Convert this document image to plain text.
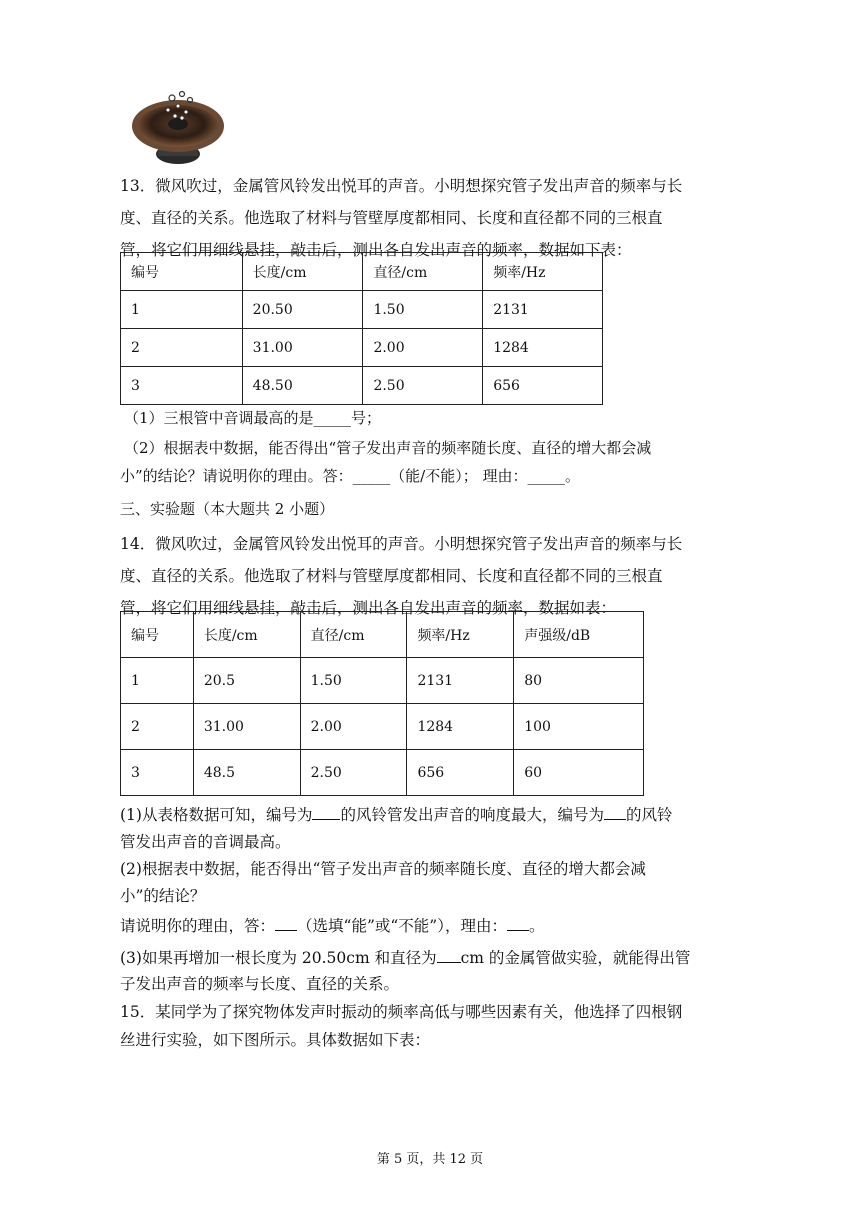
13．微风吹过，金属管风铃发出悦耳的声音。小明想探究管子发出声音的频率与长
度、直径的关系。他选取了材料与管壁厚度都相同、长度和直径都不同的三根直
管，将它们用细线悬挂，敲击后，测出各自发出声音的频率，数据如下表：
编号	长度/cm	直径/cm	频率/Hz
1	20.50	1.50	2131
2	31.00	2.00	1284
3	48.50	2.50	656
（1）三根管中音调最高的是_____号；
（2）根据表中数据，能否得出“管子发出声音的频率随长度、直径的增大都会减
小”的结论？请说明你的理由。答：_____（能/不能）； 理由：_____。
三、实验题（本大题共 2 小题）
14．微风吹过，金属管风铃发出悦耳的声音。小明想探究管子发出声音的频率与长
度、直径的关系。他选取了材料与管壁厚度都相同、长度和直径都不同的三根直
管，将它们用细线悬挂，敲击后，测出各自发出声音的频率，数据如表：
编号	长度/cm	直径/cm	频率/Hz	声强级/dB
1	20.5	1.50	2131	80
2	31.00	2.00	1284	100
3	48.5	2.50	656	60
(1)从表格数据可知，编号为 的风铃管发出声音的响度最大，编号为 的风铃
管发出声音的音调最高。
(2)根据表中数据，能否得出“管子发出声音的频率随长度、直径的增大都会减
小”的结论？
请说明你的理由，答： （选填“能”或“不能”），理由： 。
(3)如果再增加一根长度为 20.50cm 和直径为 cm 的金属管做实验，就能得出管
子发出声音的频率与长度、直径的关系。
15．某同学为了探究物体发声时振动的频率高低与哪些因素有关，他选择了四根钢
丝进行实验，如下图所示。具体数据如下表：
第 5 页，共 12 页
